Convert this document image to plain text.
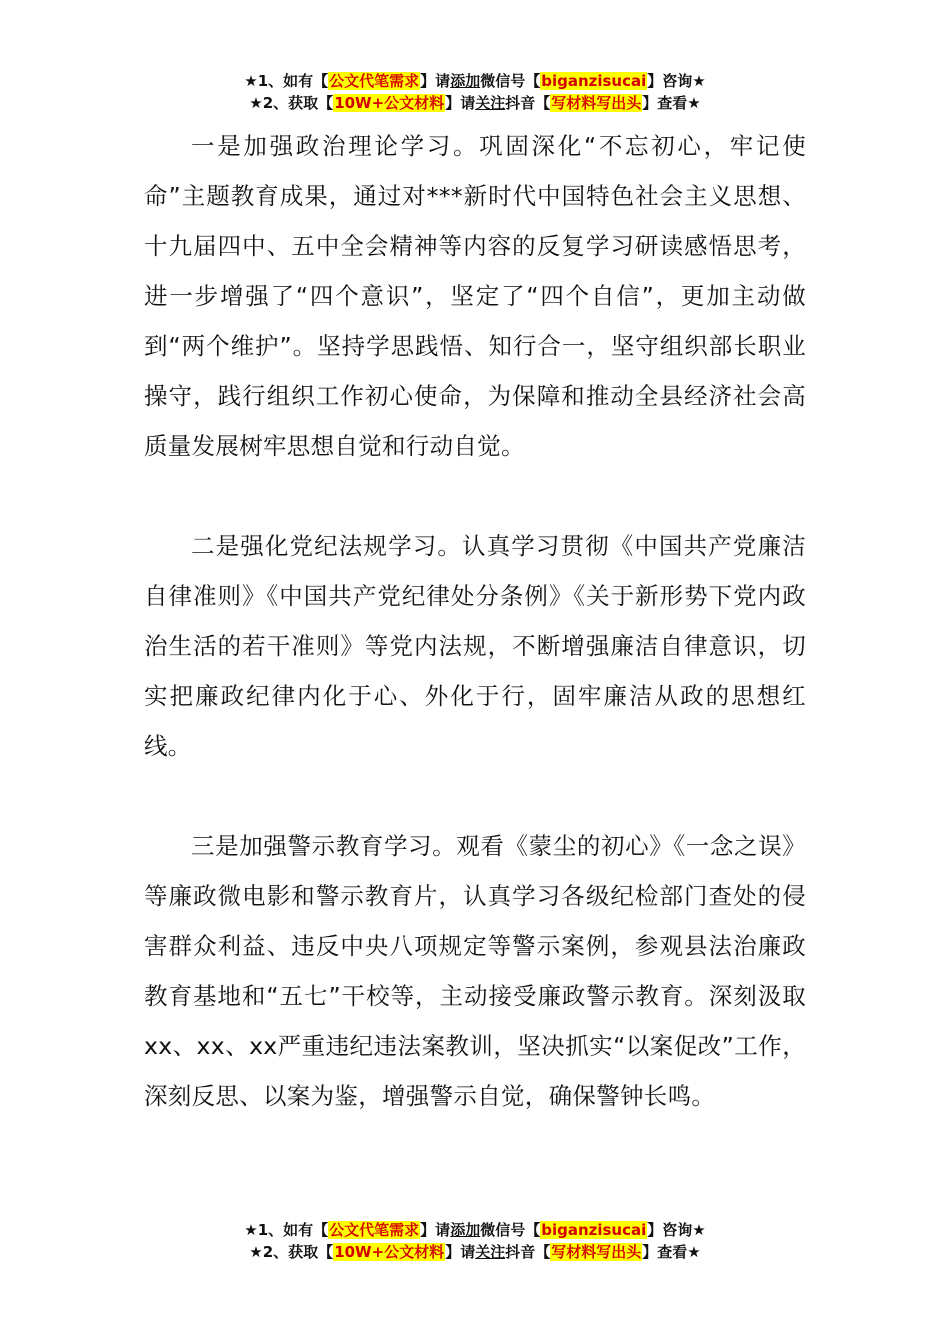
★1、如有【公文代笔需求】请添加微信号【biganzisucai】咨询★
★2、获取【10W+公文材料】请关注抖音【写材料写出头】查看★

一是加强政治理论学习。巩固深化“不忘初心，牢记使命”主题教育成果，通过对***新时代中国特色社会主义思想、十九届四中、五中全会精神等内容的反复学习研读感悟思考，进一步增强了“四个意识”，坚定了“四个自信”，更加主动做到“两个维护”。坚持学思践悟、知行合一，坚守组织部长职业操守，践行组织工作初心使命，为保障和推动全县经济社会高质量发展树牢思想自觉和行动自觉。

二是强化党纪法规学习。认真学习贯彻《中国共产党廉洁自律准则》《中国共产党纪律处分条例》《关于新形势下党内政治生活的若干准则》等党内法规，不断增强廉洁自律意识，切实把廉政纪律内化于心、外化于行，固牢廉洁从政的思想红线。

三是加强警示教育学习。观看《蒙尘的初心》《一念之误》等廉政微电影和警示教育片，认真学习各级纪检部门查处的侵害群众利益、违反中央八项规定等警示案例，参观县法治廉政教育基地和“五七”干校等，主动接受廉政警示教育。深刻汲取xx、xx、xx严重违纪违法案教训，坚决抓实“以案促改”工作，深刻反思、以案为鉴，增强警示自觉，确保警钟长鸣。

★1、如有【公文代笔需求】请添加微信号【biganzisucai】咨询★
★2、获取【10W+公文材料】请关注抖音【写材料写出头】查看★
